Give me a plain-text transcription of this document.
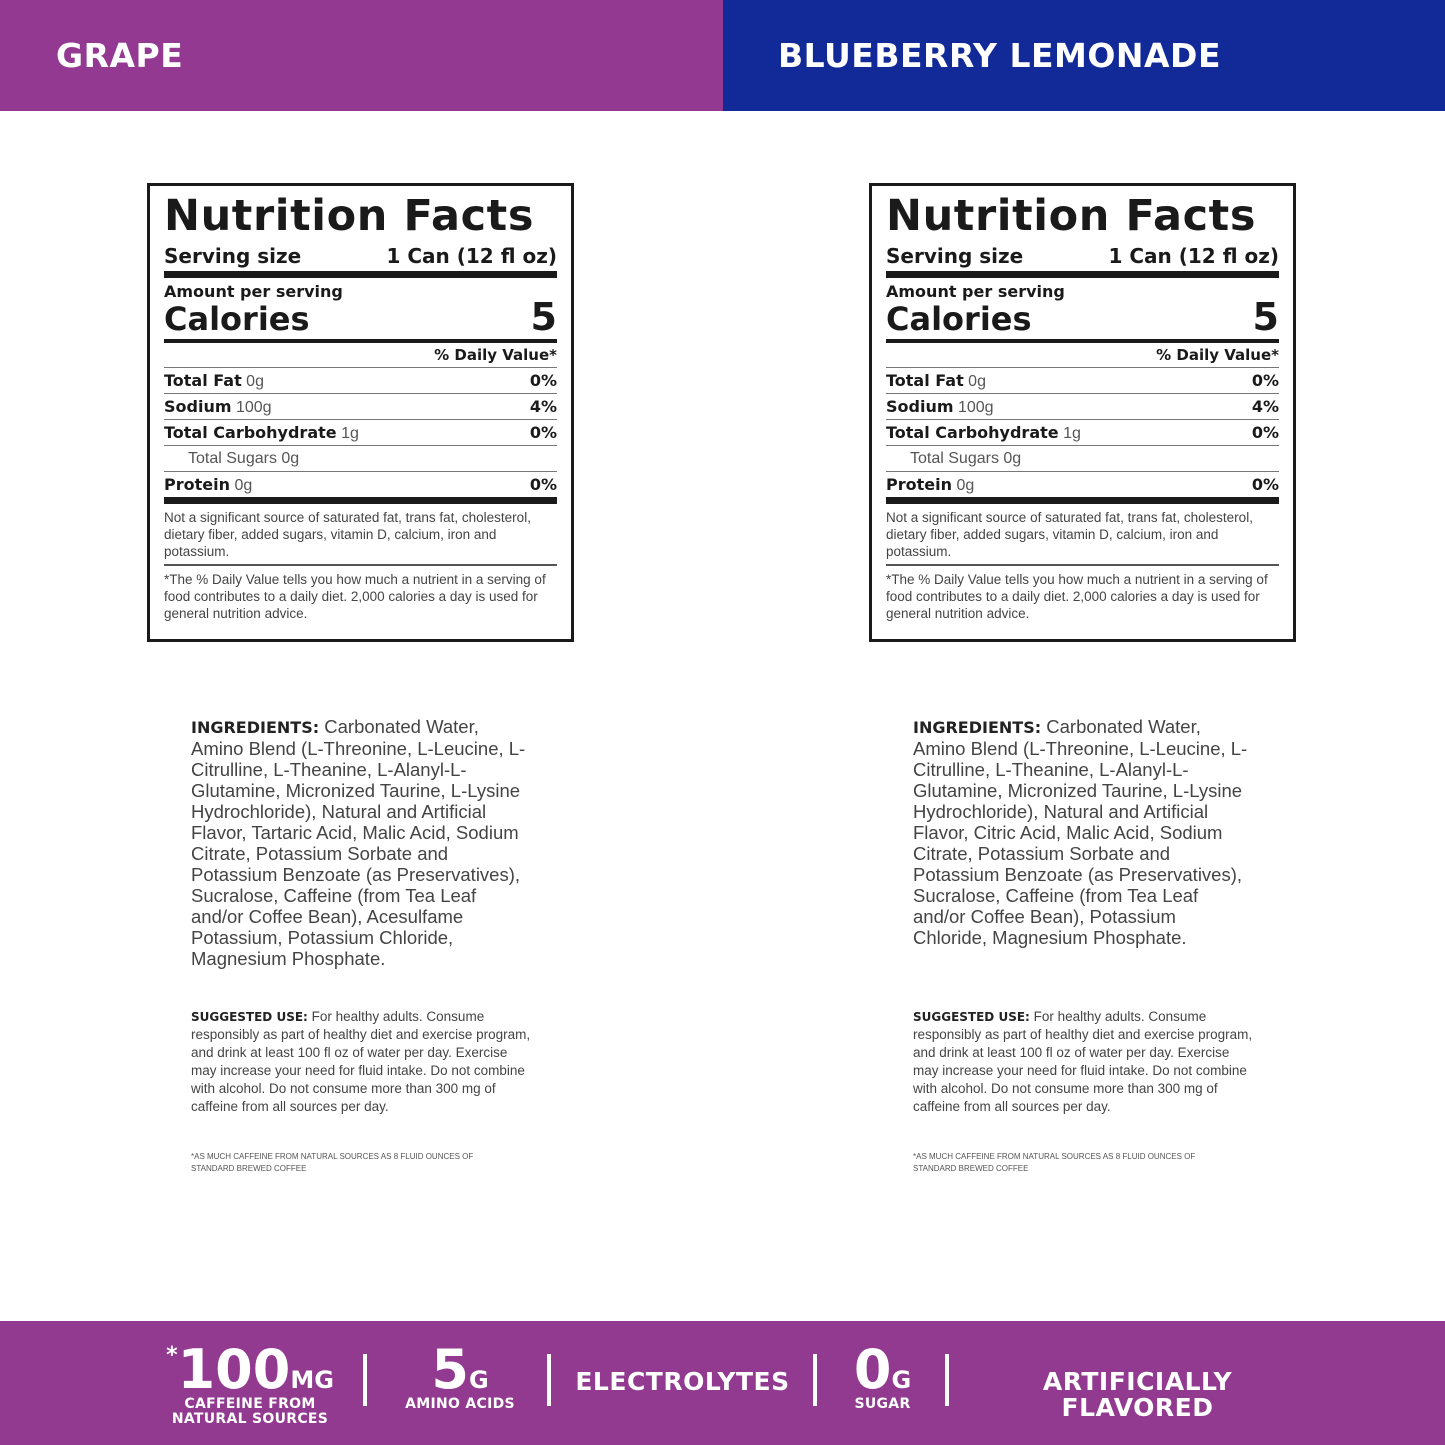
GRAPE	BLUEBERRY LEMONADE
Nutrition Facts
Serving size	1 Can (12 fl oz)
Amount per serving
Calories	5
% Daily Value*
Total Fat 0g	0%
Sodium 100g	4%
Total Carbohydrate 1g	0%
Total Sugars 0g
Protein 0g	0%
Not a significant source of saturated fat, trans fat, cholesterol, dietary fiber, added sugars, vitamin D, calcium, iron and potassium.
*The % Daily Value tells you how much a nutrient in a serving of food contributes to a daily diet. 2,000 calories a day is used for general nutrition advice.
INGREDIENTS: Carbonated Water, Amino Blend (L-Threonine, L-Leucine, L-Citrulline, L-Theanine, L-Alanyl-L-Glutamine, Micronized Taurine, L-Lysine Hydrochloride), Natural and Artificial Flavor, Tartaric Acid, Malic Acid, Sodium Citrate, Potassium Sorbate and Potassium Benzoate (as Preservatives), Sucralose, Caffeine (from Tea Leaf and/or Coffee Bean), Acesulfame Potassium, Potassium Chloride, Magnesium Phosphate.
SUGGESTED USE: For healthy adults. Consume responsibly as part of healthy diet and exercise program, and drink at least 100 fl oz of water per day. Exercise may increase your need for fluid intake. Do not combine with alcohol. Do not consume more than 300 mg of caffeine from all sources per day.
*AS MUCH CAFFEINE FROM NATURAL SOURCES AS 8 FLUID OUNCES OF STANDARD BREWED COFFEE
Nutrition Facts
Serving size	1 Can (12 fl oz)
Amount per serving
Calories	5
% Daily Value*
Total Fat 0g	0%
Sodium 100g	4%
Total Carbohydrate 1g	0%
Total Sugars 0g
Protein 0g	0%
Not a significant source of saturated fat, trans fat, cholesterol, dietary fiber, added sugars, vitamin D, calcium, iron and potassium.
*The % Daily Value tells you how much a nutrient in a serving of food contributes to a daily diet. 2,000 calories a day is used for general nutrition advice.
INGREDIENTS: Carbonated Water, Amino Blend (L-Threonine, L-Leucine, L-Citrulline, L-Theanine, L-Alanyl-L-Glutamine, Micronized Taurine, L-Lysine Hydrochloride), Natural and Artificial Flavor, Citric Acid, Malic Acid, Sodium Citrate, Potassium Sorbate and Potassium Benzoate (as Preservatives), Sucralose, Caffeine (from Tea Leaf and/or Coffee Bean), Potassium Chloride, Magnesium Phosphate.
SUGGESTED USE: For healthy adults. Consume responsibly as part of healthy diet and exercise program, and drink at least 100 fl oz of water per day. Exercise may increase your need for fluid intake. Do not combine with alcohol. Do not consume more than 300 mg of caffeine from all sources per day.
*AS MUCH CAFFEINE FROM NATURAL SOURCES AS 8 FLUID OUNCES OF STANDARD BREWED COFFEE
*100MG
CAFFEINE FROM
NATURAL SOURCES
5G
AMINO ACIDS
ELECTROLYTES 0G
SUGAR
ARTIFICIALLY FLAVORED
